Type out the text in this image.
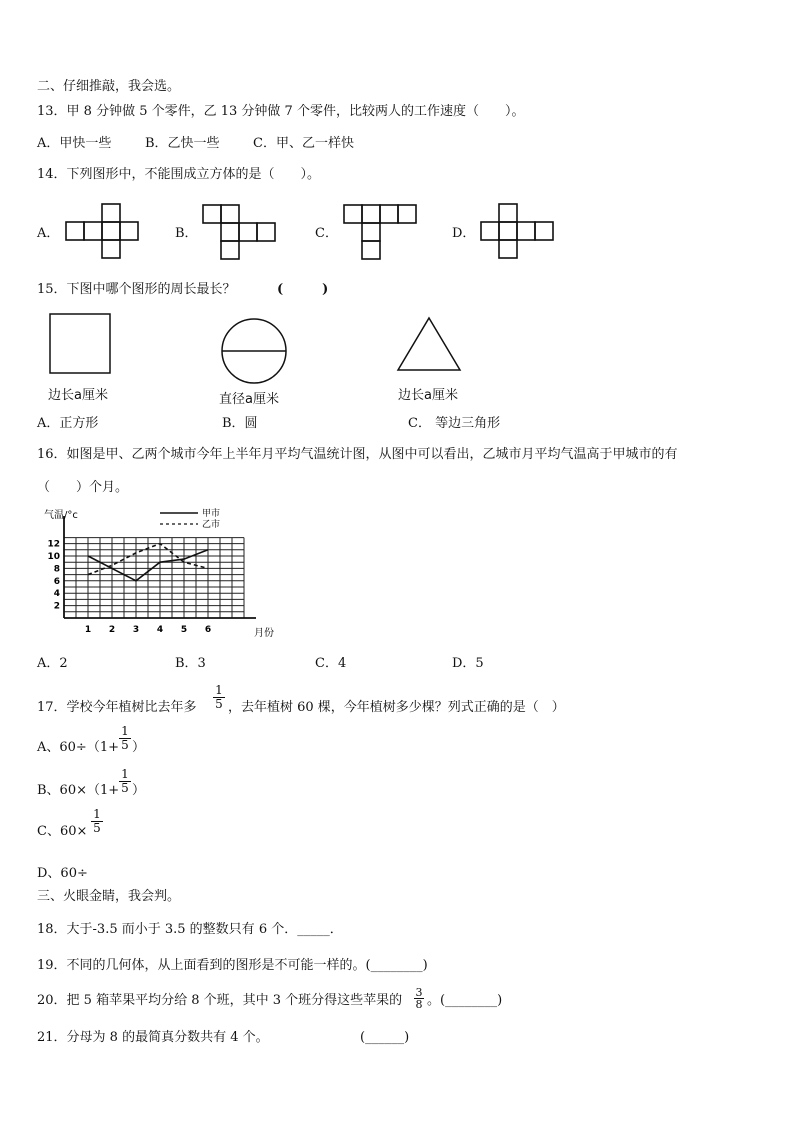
二、仔细推敲，我会选。
13．甲 8 分钟做 5 个零件，乙 13 分钟做 7 个零件，比较两人的工作速度（　　）。
A．甲快一些	B．乙快一些	C．甲、乙一样快
14．下列图形中，不能围成立方体的是（　　）。
A．	B．	C．	D．
15．下图中哪个图形的周长最长？	(　　　)
边长a厘米	直径a厘米	边长a厘米
A．正方形	B．圆	C． 等边三角形
16．如图是甲、乙两个城市今年上半年月平均气温统计图，从图中可以看出，乙城市月平均气温高于甲城市的有
（　　）个月。
12
10
8
6
4
2
1 2 3 4 5 6
气温/°c
月份
甲市
乙市
A．2	B．3	C．4	D．5
17．学校今年植树比去年多 $\frac{1}{5}$ ，去年植树 60 棵，今年植树多少棵？列式正确的是（　）
A、$60\div(1+ \frac{1}{5}$ ）
B、$60\times(1+ \frac{1}{5}$ ）
C、$60\times \frac{1}{5}$
D、60÷
三、火眼金睛，我会判。
18．大于-3.5 而小于 3.5 的整数只有 6 个．_____．
19．不同的几何体，从上面看到的图形是不可能一样的。(________)
20．把 5 箱苹果平均分给 8 个班，其中 3 个班分得这些苹果的 $\frac{3}{8}$ 。(________)
21．分母为 8 的最简真分数共有 4 个。	(______)
